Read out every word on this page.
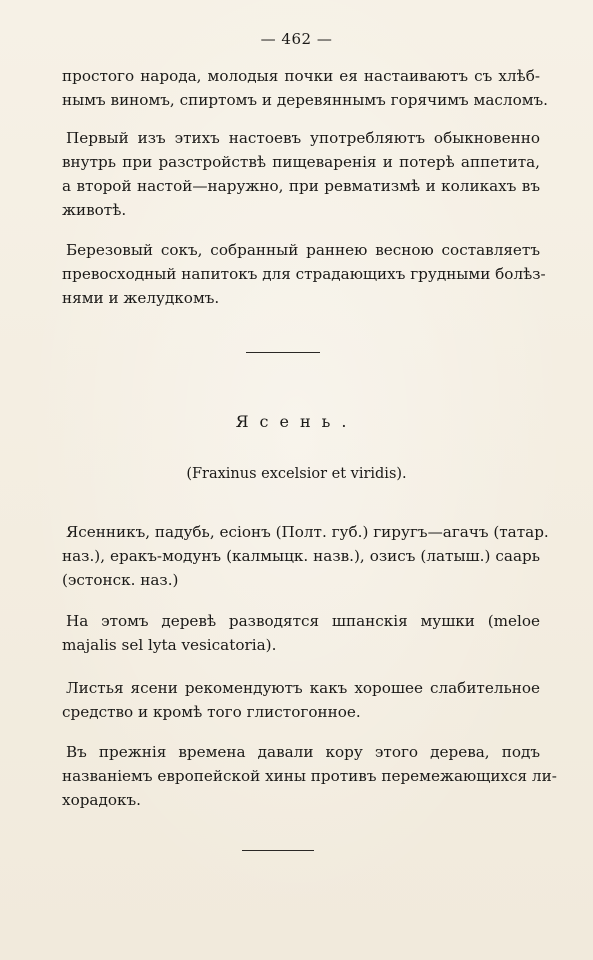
— 462 —
простого народа, молодыя почки ея настаиваютъ съ хлѣб-
нымъ виномъ, спиртомъ и деревяннымъ горячимъ масломъ.
Первый изъ этихъ настоевъ употребляютъ обыкновенно
внутрь при разстройствѣ пищеваренія и потерѣ аппетита,
а второй настой—наружно, при ревматизмѣ и коликахъ въ
животѣ.
Березовый сокъ, собранный раннею весною составляетъ
превосходный напитокъ для страдающихъ грудными болѣз-
нями и желудкомъ.
Ясень.
(Fraxinus excelsior et viridis).
Ясенникъ, падубь, есіонъ (Полт. губ.) гиругъ—агачъ (татар.
наз.), еракъ-модунъ (калмыцк. назв.), озисъ (латыш.) саарь
(эстонск. наз.)
На этомъ деревѣ разводятся шпанскія мушки (meloe
majalis sel lyta vesicatoria).
Листья ясени рекомендуютъ какъ хорошее слабительное
средство и кромѣ того глистогонное.
Въ прежнія времена давали кору этого дерева, подъ
названіемъ европейской хины противъ перемежающихся ли-
хорадокъ.
